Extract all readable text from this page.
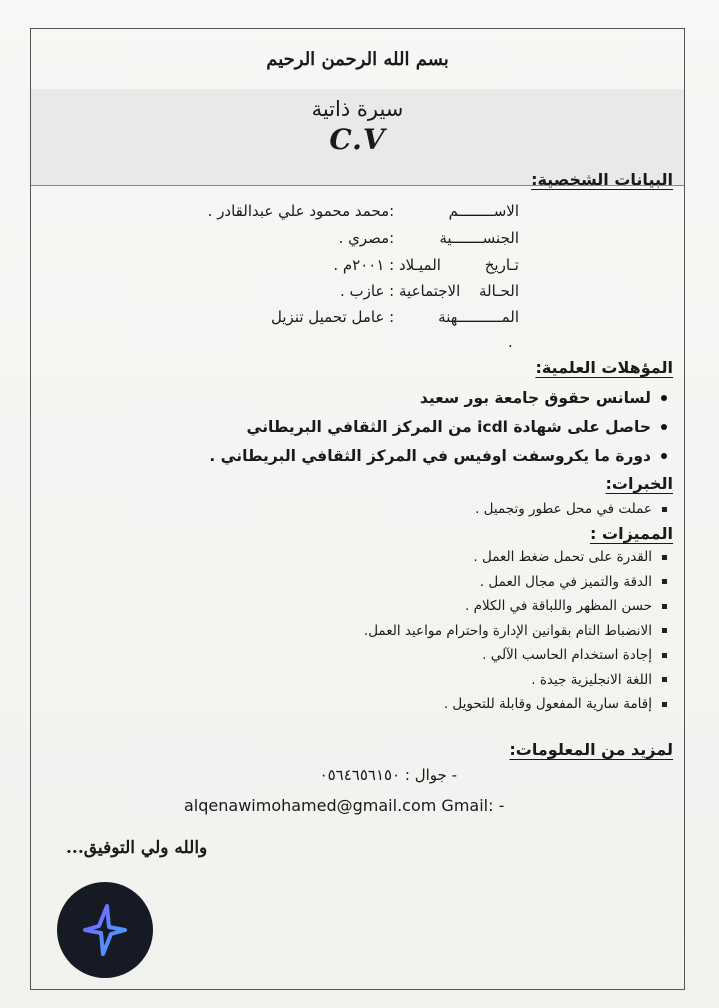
بسم الله الرحمن الرحيم
سيرة ذاتية
C.V
البيانات الشخصية:
الاســــــــم :محمد محمود علي عبدالقادر .
الجنســـــــية :مصري .
تـاريخ الميـلاد : ٢٠٠١م .
الحـالة الاجتماعية : عازب .
المــــــــــهنة : عامل تحميل تنزيل
.
المؤهلات العلمية:
لسانس حقوق جامعة بور سعيد
حاصل على شهادة icdl من المركز الثقافي البريطاني
دورة ما يكروسفت اوفيس في المركز الثقافي البريطاني .
الخبرات:
عملت في محل عطور وتجميل .
المميزات :
القدرة على تحمل ضغط العمل .
الدقة والتميز في مجال العمل .
حسن المظهر واللباقة في الكلام .
الانضباط التام بقوانين الإدارة واحترام مواعيد العمل.
إجادة استخدام الحاسب الآلي .
اللغة الانجليزية جيدة .
إقامة سارية المفعول وقابلة للتحويل .
لمزيد من المعلومات:
- جوال : ٠٥٦٤٦٥٦١٥٠
alqenawimohamed@gmail.com - :Gmail
والله ولي التوفيق...
